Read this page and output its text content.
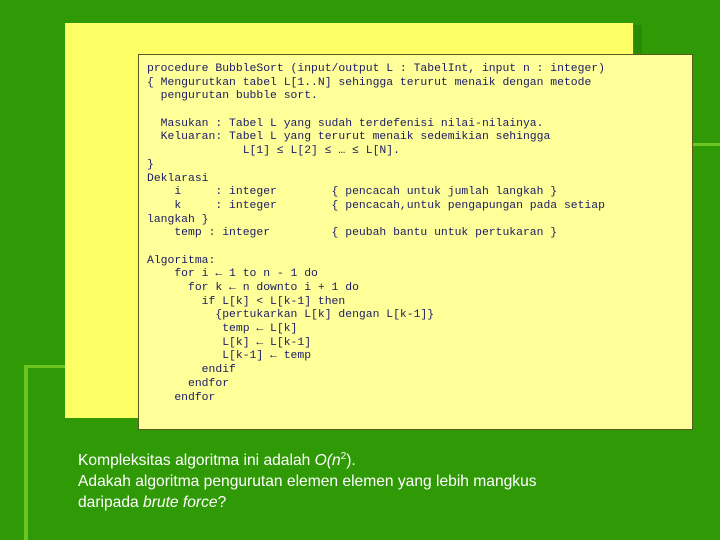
procedure BubbleSort (input/output L : TabelInt, input n : integer)
{ Mengurutkan tabel L[1..N] sehingga terurut menaik dengan metode
pengurutan bubble sort.

Masukan : Tabel L yang sudah terdefenisi nilai-nilainya.
Keluaran: Tabel L yang terurut menaik sedemikian sehingga
L[1] ≤ L[2] ≤ … ≤ L[N].
}
Deklarasi
i     : integer        { pencacah untuk jumlah langkah }
k     : integer        { pencacah,untuk pengapungan pada setiap
langkah }
temp : integer         { peubah bantu untuk pertukaran }

Algoritma:
for i ← 1 to n - 1 do
for k ← n downto i + 1 do
if L[k] < L[k-1] then
{pertukarkan L[k] dengan L[k-1]}
temp ← L[k]
L[k] ← L[k-1]
L[k-1] ← temp
endif
endfor
endfor
Kompleksitas algoritma ini adalah $O(n^2)$.
Adakah algoritma pengurutan elemen elemen yang lebih mangkus
daripada brute force?
